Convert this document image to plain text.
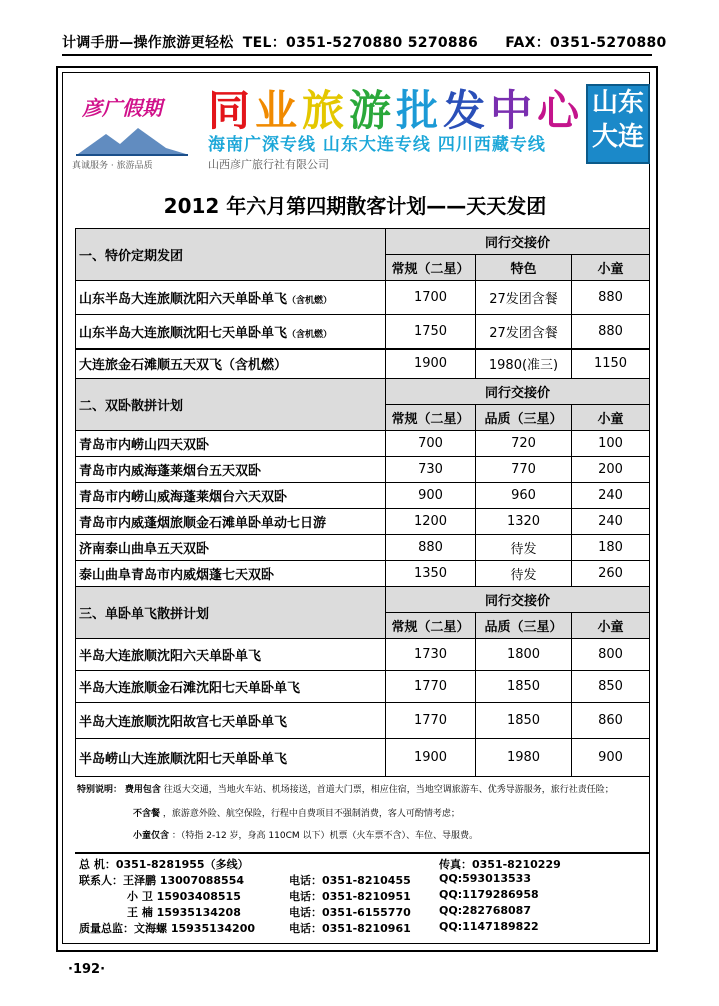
计调手册—操作旅游更轻松 TEL：0351-5270880 5270886 FAX：0351-5270880
彦广假期
真诚服务 · 旅游品质
同业旅游批发中心
海南广深专线 山东大连专线 四川西藏专线
山西彦广旅行社有限公司
山东
大连
2012 年六月第四期散客计划——天天发团
一、特价定期发团	同行交接价		
	常规（二星）	特色	小童
山东半岛大连旅顺沈阳六天单卧单飞（含机燃）	1700	27发团含餐	880
山东半岛大连旅顺沈阳七天单卧单飞（含机燃）	1750	27发团含餐	880
大连旅金石滩顺五天双飞（含机燃）	1900	1980(准三)	1150
二、双卧散拼计划	同行交接价		
	常规（二星）	品质（三星）	小童
青岛市内崂山四天双卧	700	720	100
青岛市内威海蓬莱烟台五天双卧	730	770	200
青岛市内崂山威海蓬莱烟台六天双卧	900	960	240
青岛市内威蓬烟旅顺金石滩单卧单动七日游	1200	1320	240
济南泰山曲阜五天双卧	880	待发	180
泰山曲阜青岛市内威烟蓬七天双卧	1350	待发	260
三、单卧单飞散拼计划	同行交接价		
	常规（二星）	品质（三星）	小童
半岛大连旅顺沈阳六天单卧单飞	1730	1800	800
半岛大连旅顺金石滩沈阳七天单卧单飞	1770	1850	850
半岛大连旅顺沈阳故宫七天单卧单飞	1770	1850	860
半岛崂山大连旅顺沈阳七天单卧单飞	1900	1980	900
特别说明： 费用包含 往返大交通，当地火车站、机场接送，首道大门票，相应住宿，当地空调旅游车、优秀导游服务，旅行社责任险；
不含餐 ，旅游意外险、航空保险，行程中自费项目不强制消费，客人可酌情考虑；
小童仅含 ：（特指 2-12 岁，身高 110CM 以下）机票（火车票不含）、车位、导服费。
总 机：0351-8281955（多线）	传真：0351-8210229
联系人：王泽鹏 13007088554	电话：0351-8210455	QQ:593013533
小 卫 15903408515	电话：0351-8210951	QQ:1179286958
王 楠 15935134208	电话：0351-6155770	QQ:282768087
质量总监：文海螺 15935134200	电话：0351-8210961	QQ:1147189822
·192·
